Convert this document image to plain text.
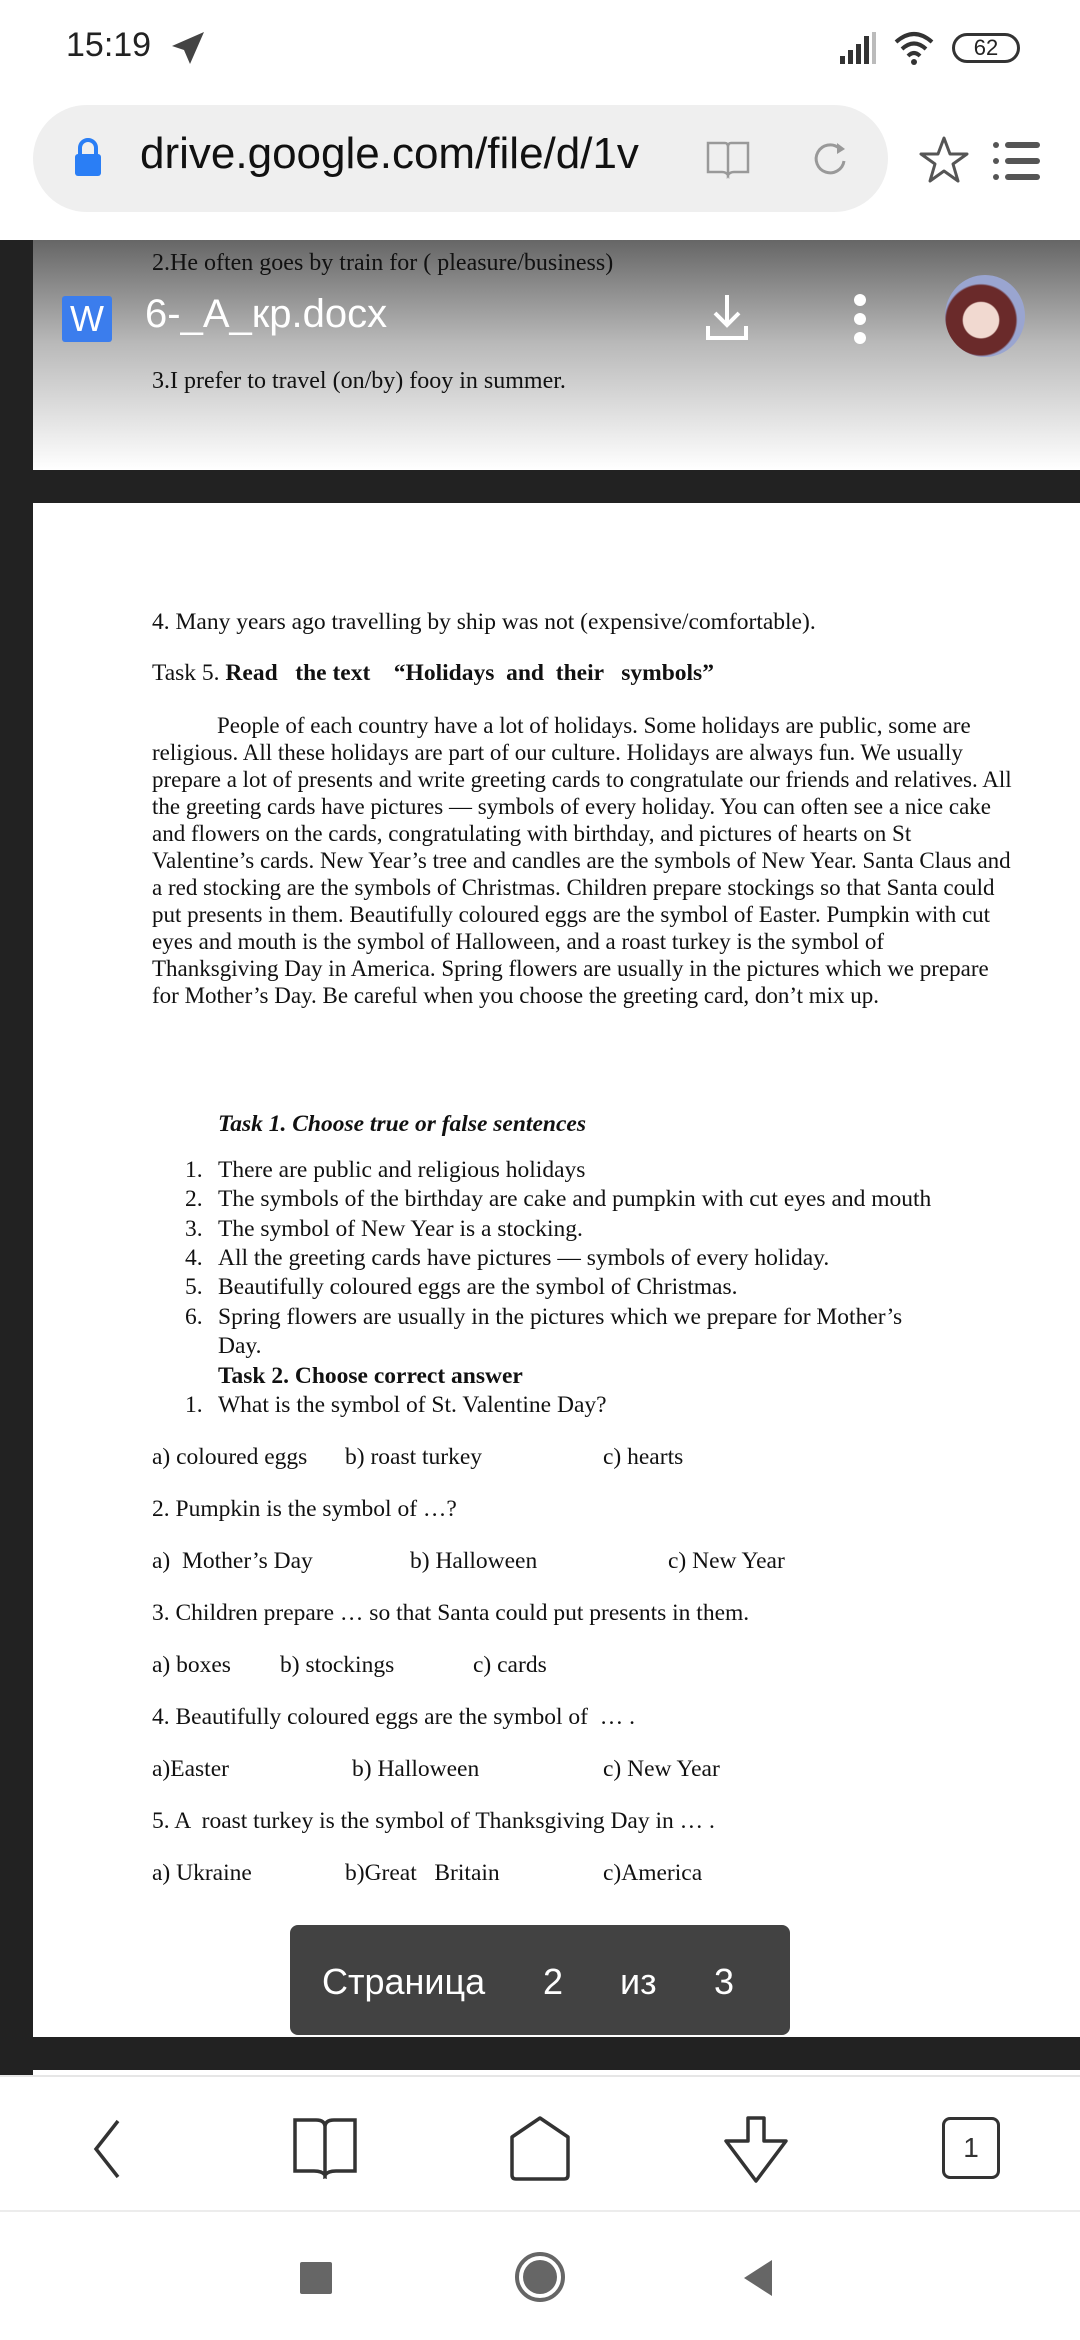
15:19	62
drive.google.com/file/d/1v
2.He often goes by train for ( pleasure/business)
3.I prefer to travel (on/by) fooy in summer.
W 6-_A_кр.docx
4. Many years ago travelling by ship was not (expensive/comfortable).
Task 5. Read   the text    “Holidays  and  their   symbols”
People of each country have a lot of holidays. Some holidays are public, some are religious. All these holidays are part of our culture. Holidays are always fun. We usually prepare a lot of presents and write greeting cards to congratulate our friends and relatives. All the greeting cards have pictures — symbols of every holiday. You can often see a nice cake and flowers on the cards, congratulating with birthday, and pictures of hearts on St Valentine’s cards. New Year’s tree and candles are the symbols of New Year. Santa Claus and a red stocking are the symbols of Christmas. Children prepare stockings so that Santa could put presents in them. Beautifully coloured eggs are the symbol of Easter. Pumpkin with cut eyes and mouth is the symbol of Halloween, and a roast turkey is the symbol of Thanksgiving Day in America. Spring flowers are usually in the pictures which we prepare for Mother’s Day. Be careful when you choose the greeting card, don’t mix up.
Task 1. Choose true or false sentences
1. There are public and religious holidays
2. The symbols of the birthday are cake and pumpkin with cut eyes and mouth
3. The symbol of New Year is a stocking.
4. All the greeting cards have pictures — symbols of every holiday.
5. Beautifully coloured eggs are the symbol of Christmas.
6. Spring flowers are usually in the pictures which we prepare for Mother’s
Day.
Task 2. Choose correct answer
1. What is the symbol of St. Valentine Day?
a) coloured eggs b) roast turkey	c) hearts
2. Pumpkin is the symbol of …?
a)  Mother’s Day	b) Halloween	c) New Year
3. Children prepare … so that Santa could put presents in them.
a) boxes b) stockings	c) cards
4. Beautifully coloured eggs are the symbol of  … .
a)Easter	b) Halloween	c) New Year
5. A  roast turkey is the symbol of Thanksgiving Day in … .
a) Ukraine	b)Great   Britain	c)America
Страница 2 из 3
1
